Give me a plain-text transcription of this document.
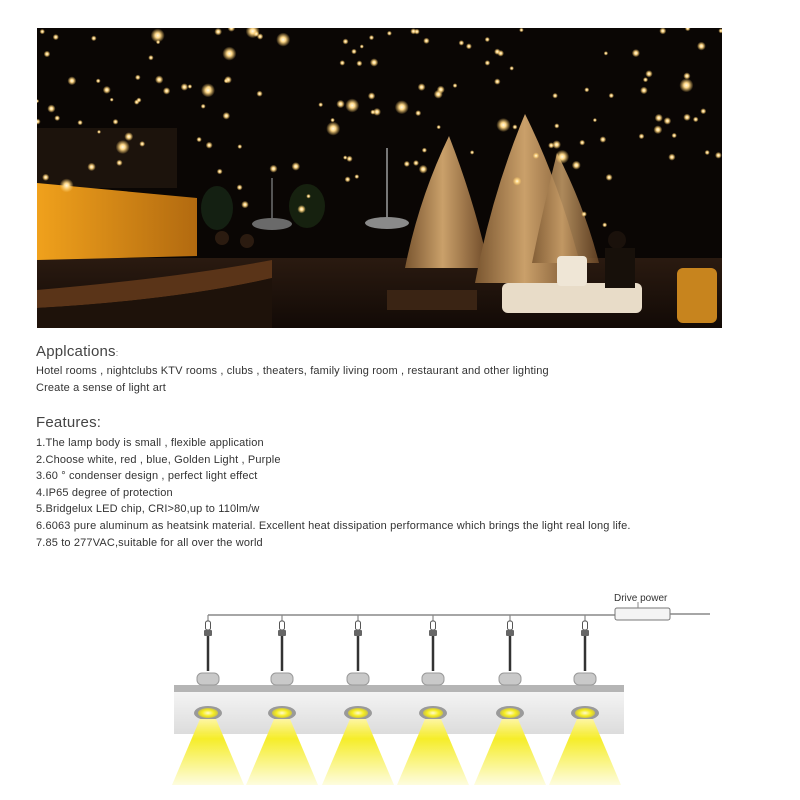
Applcations:
Hotel rooms , nightclubs KTV rooms , clubs , theaters, family living room , restaurant and other lighting
Create a sense of light art
Features:
1.The lamp body is small , flexible application
2.Choose white, red , blue, Golden Light , Purple
3.60 ° condenser design , perfect light effect
4.IP65 degree of protection
5.Bridgelux LED chip, CRI>80,up to 110lm/w
6.6063 pure aluminum as heatsink material. Excellent heat dissipation performance which brings the light real long life.
7.85 to 277VAC,suitable for all over the world
Drive power
